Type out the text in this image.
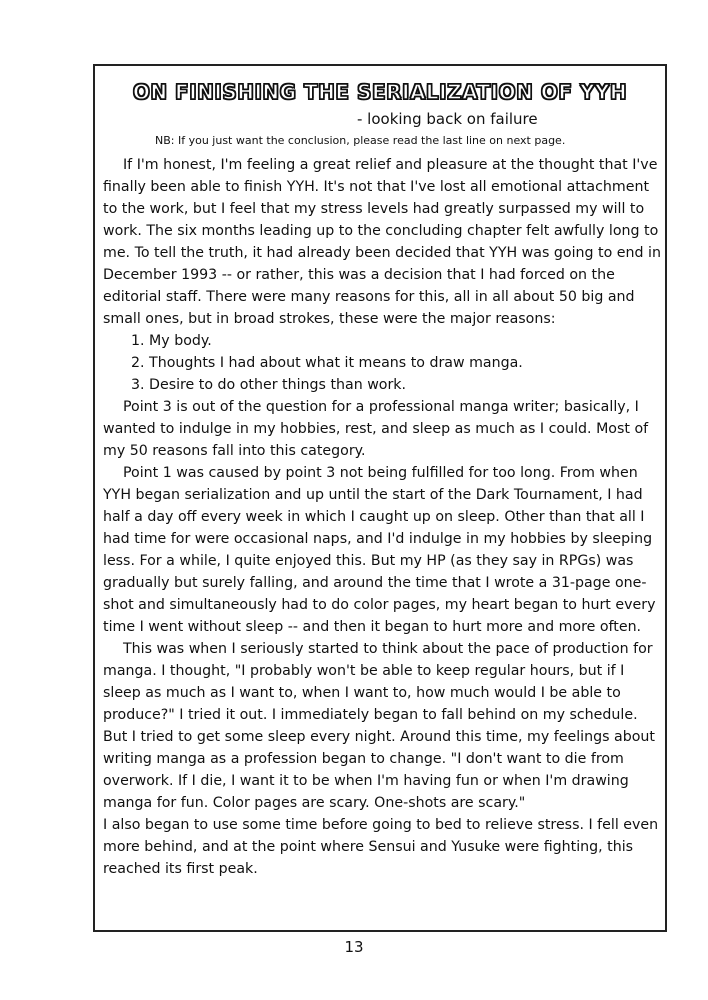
ON FINISHING THE SERIALIZATION OF YYH
- looking back on failure
NB: If you just want the conclusion, please read the last line on next page.

If I'm honest, I'm feeling a great relief and pleasure at the thought that I've finally been able to finish YYH. It's not that I've lost all emotional attachment to the work, but I feel that my stress levels had greatly surpassed my will to work. The six months leading up to the concluding chapter felt awfully long to me. To tell the truth, it had already been decided that YYH was going to end in December 1993 -- or rather, this was a decision that I had forced on the editorial staff. There were many reasons for this, all in all about 50 big and small ones, but in broad strokes, these were the major reasons:

1. My body.
2. Thoughts I had about what it means to draw manga.
3. Desire to do other things than work.

Point 3 is out of the question for a professional manga writer; basically, I wanted to indulge in my hobbies, rest, and sleep as much as I could. Most of my 50 reasons fall into this category.

Point 1 was caused by point 3 not being fulfilled for too long. From when YYH began serialization and up until the start of the Dark Tournament, I had half a day off every week in which I caught up on sleep. Other than that all I had time for were occasional naps, and I'd indulge in my hobbies by sleeping less. For a while, I quite enjoyed this. But my HP (as they say in RPGs) was gradually but surely falling, and around the time that I wrote a 31-page one-shot and simultaneously had to do color pages, my heart began to hurt every time I went without sleep -- and then it began to hurt more and more often.

This was when I seriously started to think about the pace of production for manga. I thought, "I probably won't be able to keep regular hours, but if I sleep as much as I want to, when I want to, how much would I be able to produce?" I tried it out. I immediately began to fall behind on my schedule. But I tried to get some sleep every night. Around this time, my feelings about writing manga as a profession began to change. "I don't want to die from overwork. If I die, I want it to be when I'm having fun or when I'm drawing manga for fun. Color pages are scary. One-shots are scary."

I also began to use some time before going to bed to relieve stress. I fell even more behind, and at the point where Sensui and Yusuke were fighting, this reached its first peak.

13
